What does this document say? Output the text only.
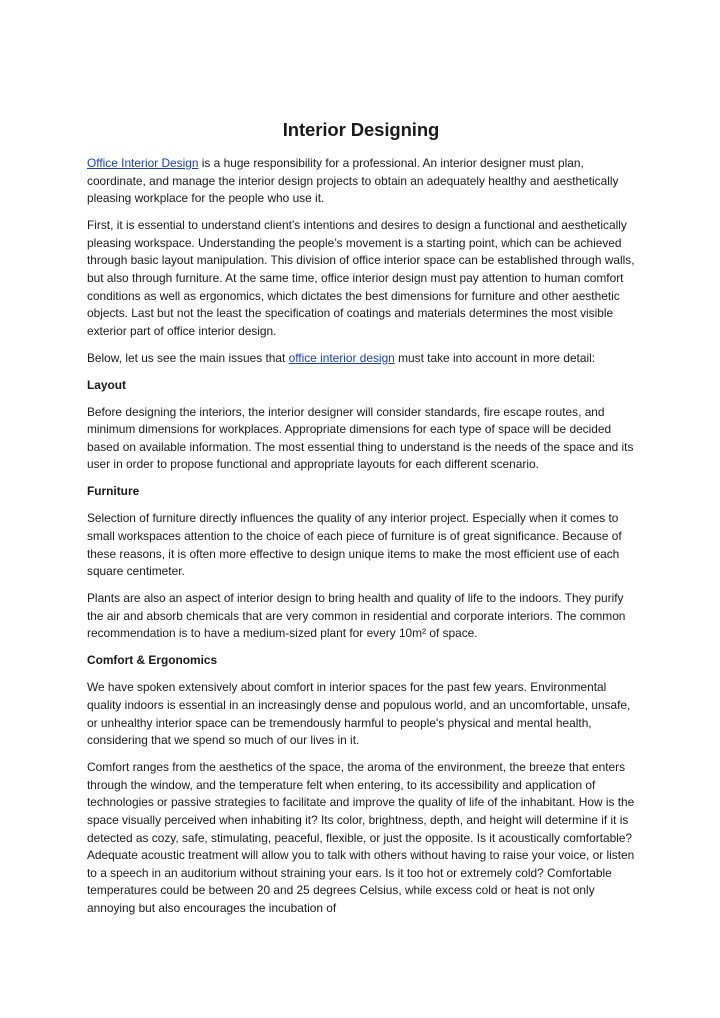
Interior Designing

Office Interior Design is a huge responsibility for a professional. An interior designer must plan, coordinate, and manage the interior design projects to obtain an adequately healthy and aesthetically pleasing workplace for the people who use it.

First, it is essential to understand client’s intentions and desires to design a functional and aesthetically pleasing workspace. Understanding the people’s movement is a starting point, which can be achieved through basic layout manipulation. This division of office interior space can be established through walls, but also through furniture. At the same time, office interior design must pay attention to human comfort conditions as well as ergonomics, which dictates the best dimensions for furniture and other aesthetic objects. Last but not the least the specification of coatings and materials determines the most visible exterior part of office interior design.

Below, let us see the main issues that office interior design must take into account in more detail:

Layout

Before designing the interiors, the interior designer will consider standards, fire escape routes, and minimum dimensions for workplaces. Appropriate dimensions for each type of space will be decided based on available information. The most essential thing to understand is the needs of the space and its user in order to propose functional and appropriate layouts for each different scenario.

Furniture

Selection of furniture directly influences the quality of any interior project. Especially when it comes to small workspaces attention to the choice of each piece of furniture is of great significance. Because of these reasons, it is often more effective to design unique items to make the most efficient use of each square centimeter.

Plants are also an aspect of interior design to bring health and quality of life to the indoors. They purify the air and absorb chemicals that are very common in residential and corporate interiors. The common recommendation is to have a medium-sized plant for every 10m² of space.

Comfort & Ergonomics

We have spoken extensively about comfort in interior spaces for the past few years. Environmental quality indoors is essential in an increasingly dense and populous world, and an uncomfortable, unsafe, or unhealthy interior space can be tremendously harmful to people's physical and mental health, considering that we spend so much of our lives in it.

Comfort ranges from the aesthetics of the space, the aroma of the environment, the breeze that enters through the window, and the temperature felt when entering, to its accessibility and application of technologies or passive strategies to facilitate and improve the quality of life of the inhabitant. How is the space visually perceived when inhabiting it? Its color, brightness, depth, and height will determine if it is detected as cozy, safe, stimulating, peaceful, flexible, or just the opposite. Is it acoustically comfortable? Adequate acoustic treatment will allow you to talk with others without having to raise your voice, or listen to a speech in an auditorium without straining your ears. Is it too hot or extremely cold? Comfortable temperatures could be between 20 and 25 degrees Celsius, while excess cold or heat is not only annoying but also encourages the incubation of
